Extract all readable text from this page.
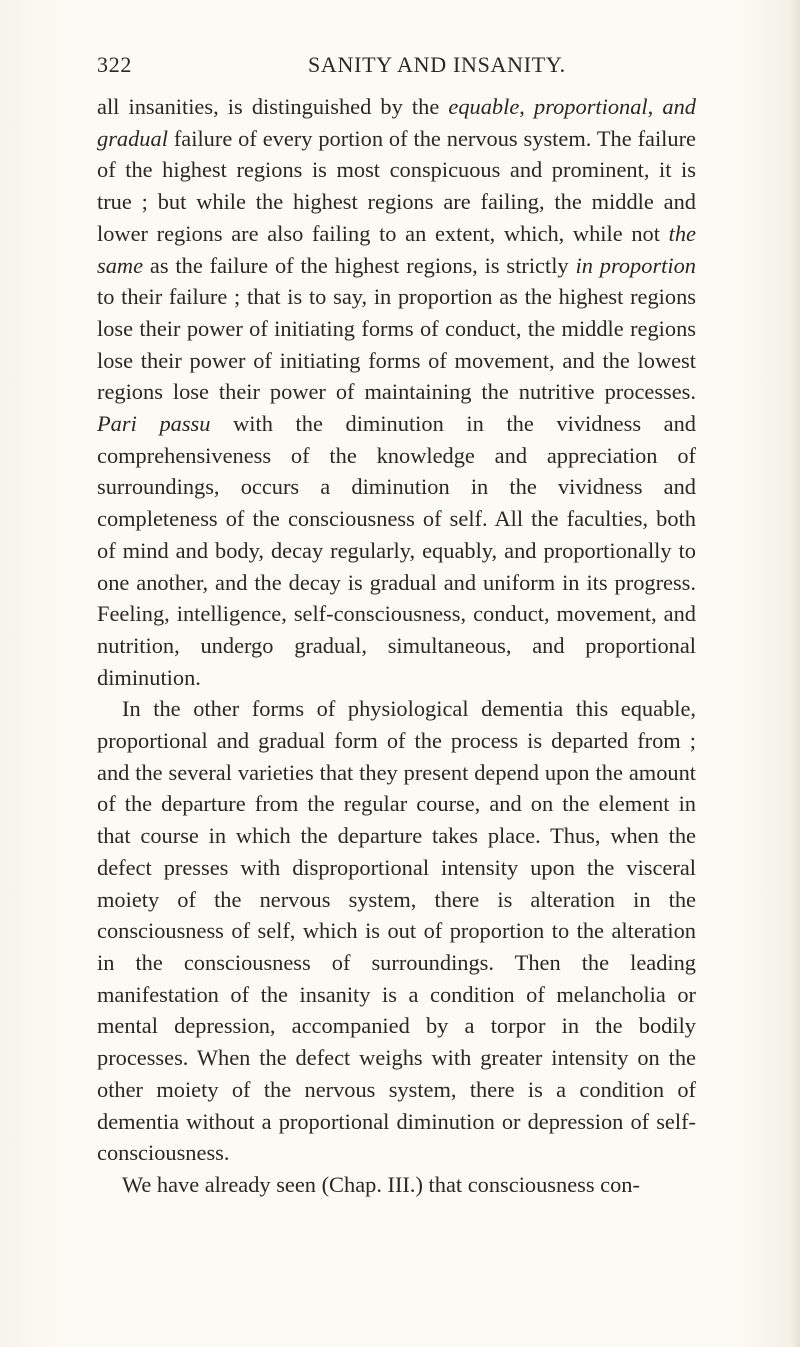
322	SANITY AND INSANITY.

all insanities, is distinguished by the equable, proportional, and gradual failure of every portion of the nervous system. The failure of the highest regions is most conspicuous and prominent, it is true ; but while the highest regions are failing, the middle and lower regions are also failing to an extent, which, while not the same as the failure of the highest regions, is strictly in proportion to their failure ; that is to say, in proportion as the highest regions lose their power of initiating forms of conduct, the middle regions lose their power of initiating forms of movement, and the lowest regions lose their power of maintaining the nutritive processes. Pari passu with the diminution in the vividness and comprehensiveness of the knowledge and appreciation of surroundings, occurs a diminution in the vividness and completeness of the consciousness of self. All the faculties, both of mind and body, decay regularly, equably, and proportionally to one another, and the decay is gradual and uniform in its progress. Feeling, intelligence, self-consciousness, conduct, movement, and nutrition, undergo gradual, simultaneous, and proportional diminution.

In the other forms of physiological dementia this equable, proportional and gradual form of the process is departed from ; and the several varieties that they present depend upon the amount of the departure from the regular course, and on the element in that course in which the departure takes place. Thus, when the defect presses with disproportional intensity upon the visceral moiety of the nervous system, there is alteration in the consciousness of self, which is out of proportion to the alteration in the consciousness of surroundings. Then the leading manifestation of the insanity is a condition of melancholia or mental depression, accompanied by a torpor in the bodily processes. When the defect weighs with greater intensity on the other moiety of the nervous system, there is a condition of dementia without a proportional diminution or depression of self-consciousness.

We have already seen (Chap. III.) that consciousness con-
